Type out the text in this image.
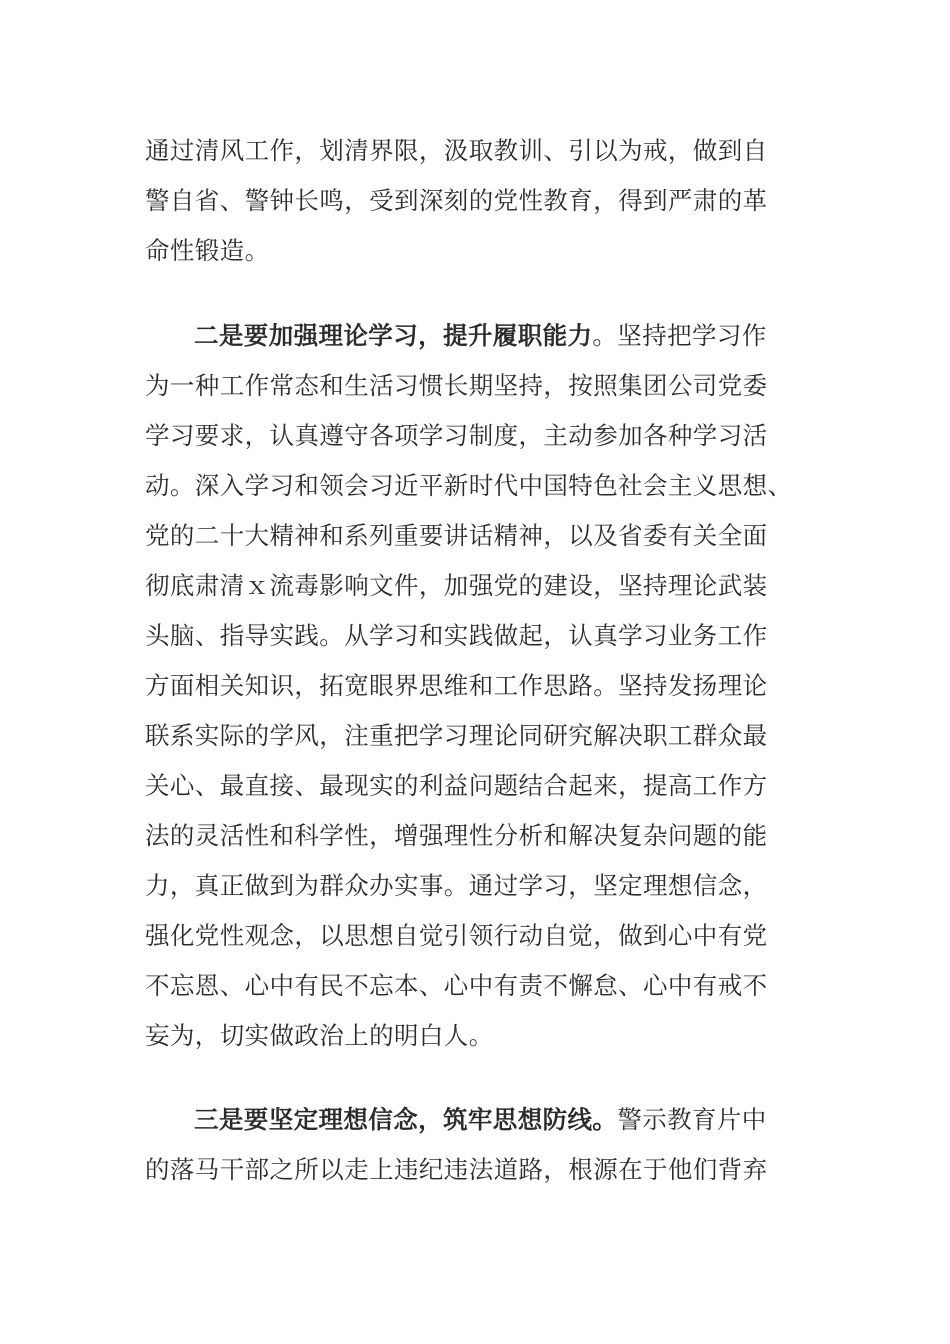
通过清风工作，划清界限，汲取教训、引以为戒，做到自
警自省、警钟长鸣，受到深刻的党性教育，得到严肃的革
命性锻造。
二是要加强理论学习，提升履职能力。坚持把学习作
为一种工作常态和生活习惯长期坚持，按照集团公司党委
学习要求，认真遵守各项学习制度，主动参加各种学习活
动。深入学习和领会习近平新时代中国特色社会主义思想、
党的二十大精神和系列重要讲话精神，以及省委有关全面
彻底肃清ｘ流毒影响文件，加强党的建设，坚持理论武装
头脑、指导实践。从学习和实践做起，认真学习业务工作
方面相关知识，拓宽眼界思维和工作思路。坚持发扬理论
联系实际的学风，注重把学习理论同研究解决职工群众最
关心、最直接、最现实的利益问题结合起来，提高工作方
法的灵活性和科学性，增强理性分析和解决复杂问题的能
力，真正做到为群众办实事。通过学习，坚定理想信念，
强化党性观念，以思想自觉引领行动自觉，做到心中有党
不忘恩、心中有民不忘本、心中有责不懈怠、心中有戒不
妄为，切实做政治上的明白人。
三是要坚定理想信念，筑牢思想防线。警示教育片中
的落马干部之所以走上违纪违法道路，根源在于他们背弃
